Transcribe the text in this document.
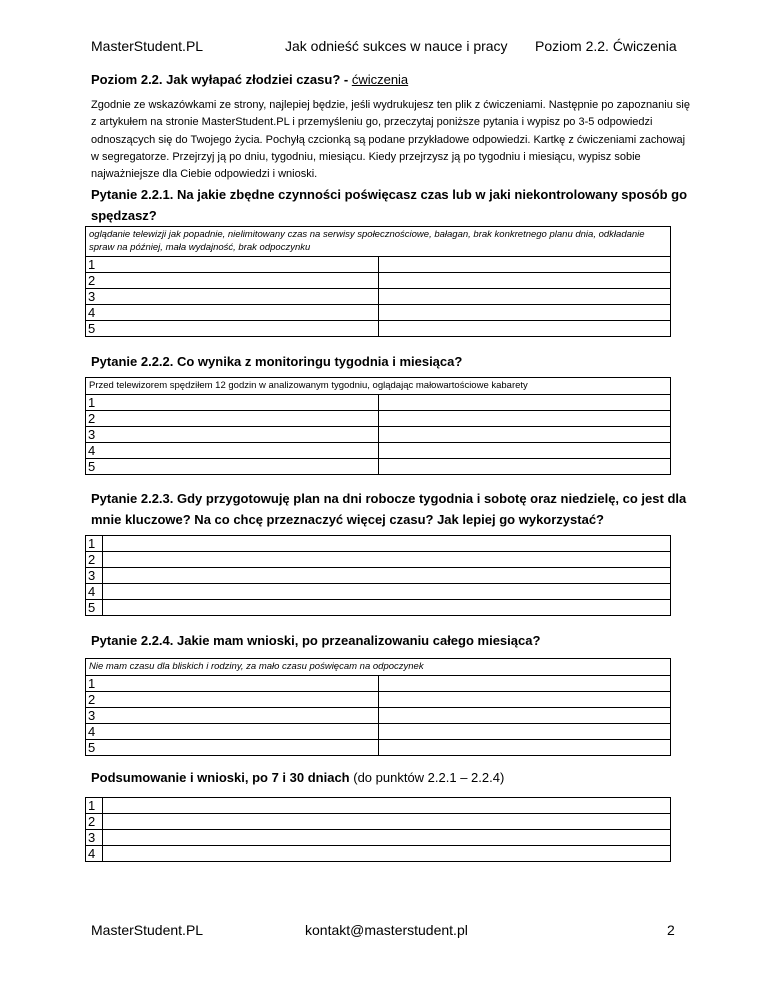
MasterStudent.PL	Jak odnieść sukces w nauce i pracy Poziom 2.2. Ćwiczenia
Poziom 2.2. Jak wyłapać złodziei czasu? - ćwiczenia
Zgodnie ze wskazówkami ze strony, najlepiej będzie, jeśli wydrukujesz ten plik z ćwiczeniami. Następnie po zapoznaniu się z artykułem na stronie MasterStudent.PL i przemyśleniu go, przeczytaj poniższe pytania i wypisz po 3-5 odpowiedzi odnoszących się do Twojego życia. Pochyłą czcionką są podane przykładowe odpowiedzi. Kartkę z ćwiczeniami zachowaj w segregatorze. Przejrzyj ją po dniu, tygodniu, miesiącu. Kiedy przejrzysz ją po tygodniu i miesiącu, wypisz sobie najważniejsze dla Ciebie odpowiedzi i wnioski.
Pytanie 2.2.1. Na jakie zbędne czynności poświęcasz czas lub w jaki niekontrolowany sposób go spędzasz?
oglądanie telewizji jak popadnie, nielimitowany czas na serwisy społecznościowe, bałagan, brak konkretnego planu dnia, odkładanie spraw na później, mała wydajność, brak odpoczynku	
1	
2	
3	
4	
5	
Pytanie 2.2.2. Co wynika z monitoringu tygodnia i miesiąca?
Przed telewizorem spędziłem 12 godzin w analizowanym tygodniu, oglądając małowartościowe kabarety	
1	
2	
3	
4	
5	
Pytanie 2.2.3. Gdy przygotowuję plan na dni robocze tygodnia i sobotę oraz niedzielę, co jest dla mnie kluczowe? Na co chcę przeznaczyć więcej czasu? Jak lepiej go wykorzystać?
1	
2	
3	
4	
5	
Pytanie 2.2.4. Jakie mam wnioski, po przeanalizowaniu całego miesiąca?
Nie mam czasu dla bliskich i rodziny, za mało czasu poświęcam na odpoczynek	
1	
2	
3	
4	
5	
Podsumowanie i wnioski, po 7 i 30 dniach (do punktów 2.2.1 – 2.2.4)
1	
2	
3	
4	
MasterStudent.PL	kontakt@masterstudent.pl	2
